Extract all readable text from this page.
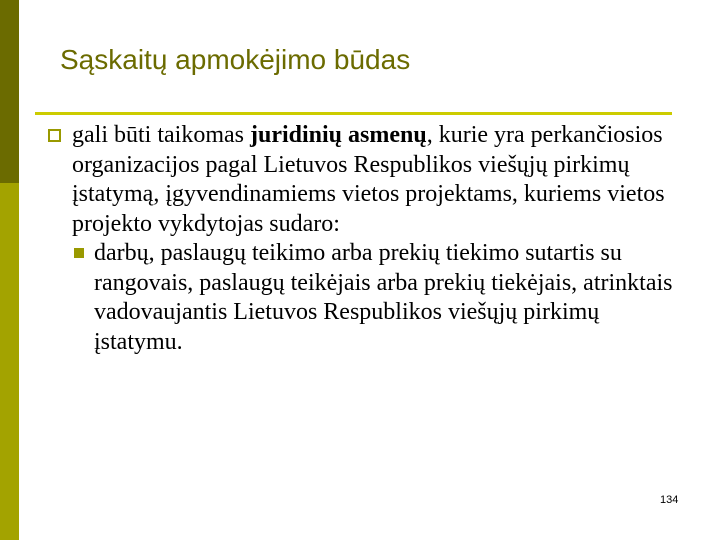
Sąskaitų apmokėjimo būdas
gali būti taikomas juridinių asmenų, kurie yra perkančiosios organizacijos pagal Lietuvos Respublikos viešųjų pirkimų įstatymą, įgyvendinamiems vietos projektams, kuriems vietos projekto vykdytojas sudaro:
darbų, paslaugų teikimo arba prekių tiekimo sutartis su rangovais, paslaugų teikėjais arba prekių tiekėjais, atrinktais vadovaujantis Lietuvos Respublikos viešųjų pirkimų įstatymu.
134
